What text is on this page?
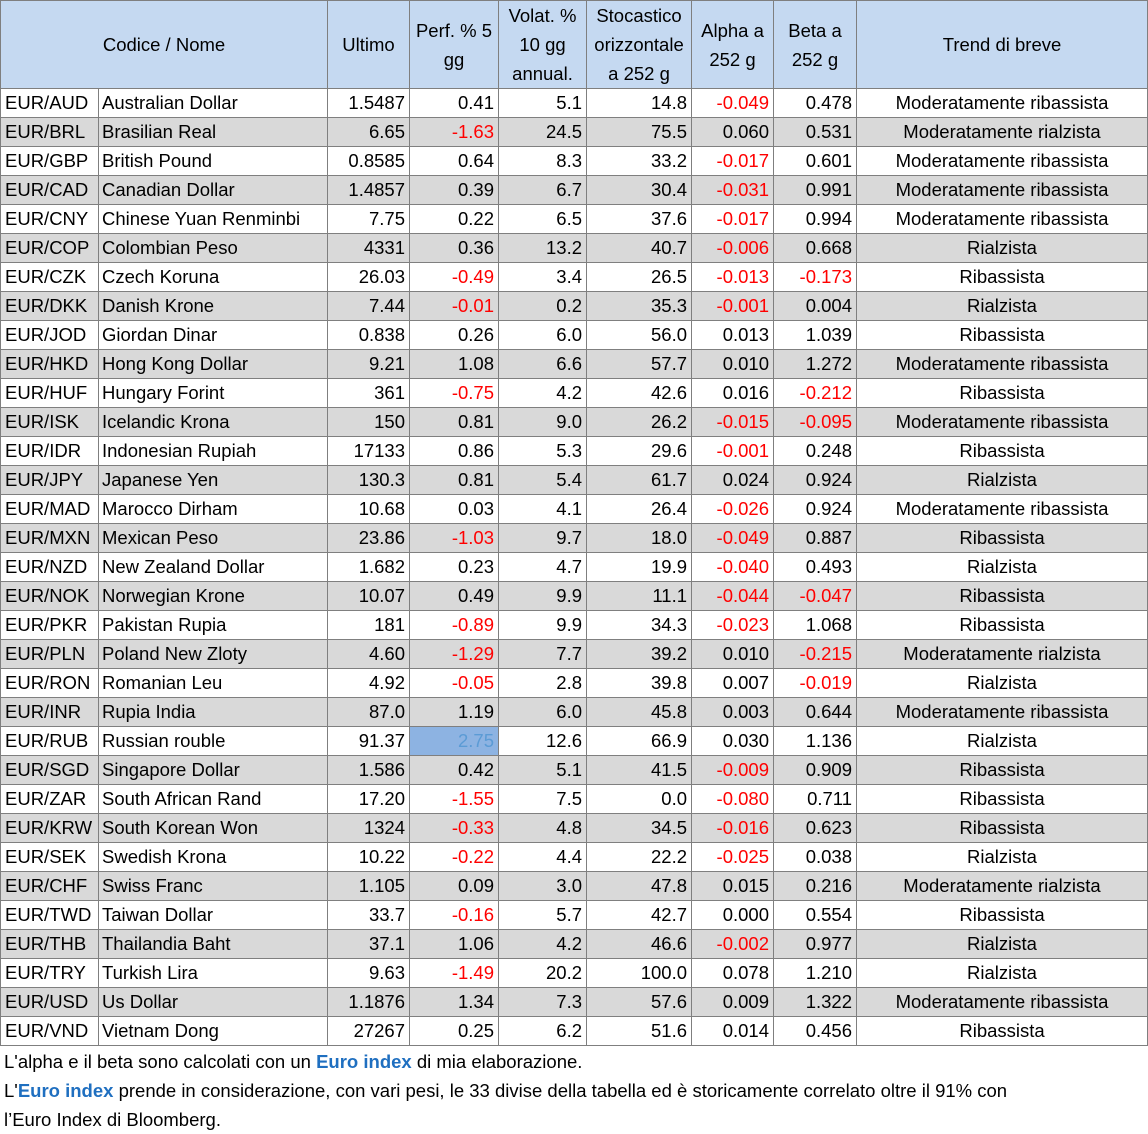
Codice / Nome		Ultimo	Perf. % 5 gg	Volat. % 10 gg annual.	Stocastico orizzontale a 252 g	Alpha a 252 g	Beta a 252 g	Trend di breve
EUR/AUD	Australian Dollar	1.5487	0.41	5.1	14.8	-0.049	0.478	Moderatamente ribassista
EUR/BRL	Brasilian Real	6.65	-1.63	24.5	75.5	0.060	0.531	Moderatamente rialzista
EUR/GBP	British Pound	0.8585	0.64	8.3	33.2	-0.017	0.601	Moderatamente ribassista
EUR/CAD	Canadian Dollar	1.4857	0.39	6.7	30.4	-0.031	0.991	Moderatamente ribassista
EUR/CNY	Chinese Yuan Renminbi	7.75	0.22	6.5	37.6	-0.017	0.994	Moderatamente ribassista
EUR/COP	Colombian Peso	4331	0.36	13.2	40.7	-0.006	0.668	Rialzista
EUR/CZK	Czech Koruna	26.03	-0.49	3.4	26.5	-0.013	-0.173	Ribassista
EUR/DKK	Danish Krone	7.44	-0.01	0.2	35.3	-0.001	0.004	Rialzista
EUR/JOD	Giordan Dinar	0.838	0.26	6.0	56.0	0.013	1.039	Ribassista
EUR/HKD	Hong Kong Dollar	9.21	1.08	6.6	57.7	0.010	1.272	Moderatamente ribassista
EUR/HUF	Hungary Forint	361	-0.75	4.2	42.6	0.016	-0.212	Ribassista
EUR/ISK	Icelandic Krona	150	0.81	9.0	26.2	-0.015	-0.095	Moderatamente ribassista
EUR/IDR	Indonesian Rupiah	17133	0.86	5.3	29.6	-0.001	0.248	Ribassista
EUR/JPY	Japanese Yen	130.3	0.81	5.4	61.7	0.024	0.924	Rialzista
EUR/MAD	Marocco Dirham	10.68	0.03	4.1	26.4	-0.026	0.924	Moderatamente ribassista
EUR/MXN	Mexican Peso	23.86	-1.03	9.7	18.0	-0.049	0.887	Ribassista
EUR/NZD	New Zealand Dollar	1.682	0.23	4.7	19.9	-0.040	0.493	Rialzista
EUR/NOK	Norwegian Krone	10.07	0.49	9.9	11.1	-0.044	-0.047	Ribassista
EUR/PKR	Pakistan Rupia	181	-0.89	9.9	34.3	-0.023	1.068	Ribassista
EUR/PLN	Poland New Zloty	4.60	-1.29	7.7	39.2	0.010	-0.215	Moderatamente rialzista
EUR/RON	Romanian Leu	4.92	-0.05	2.8	39.8	0.007	-0.019	Rialzista
EUR/INR	Rupia India	87.0	1.19	6.0	45.8	0.003	0.644	Moderatamente ribassista
EUR/RUB	Russian rouble	91.37	2.75	12.6	66.9	0.030	1.136	Rialzista
EUR/SGD	Singapore Dollar	1.586	0.42	5.1	41.5	-0.009	0.909	Ribassista
EUR/ZAR	South African Rand	17.20	-1.55	7.5	0.0	-0.080	0.711	Ribassista
EUR/KRW	South Korean Won	1324	-0.33	4.8	34.5	-0.016	0.623	Ribassista
EUR/SEK	Swedish Krona	10.22	-0.22	4.4	22.2	-0.025	0.038	Rialzista
EUR/CHF	Swiss Franc	1.105	0.09	3.0	47.8	0.015	0.216	Moderatamente rialzista
EUR/TWD	Taiwan Dollar	33.7	-0.16	5.7	42.7	0.000	0.554	Ribassista
EUR/THB	Thailandia Baht	37.1	1.06	4.2	46.6	-0.002	0.977	Rialzista
EUR/TRY	Turkish Lira	9.63	-1.49	20.2	100.0	0.078	1.210	Rialzista
EUR/USD	Us Dollar	1.1876	1.34	7.3	57.6	0.009	1.322	Moderatamente ribassista
EUR/VND	Vietnam Dong	27267	0.25	6.2	51.6	0.014	0.456	Ribassista
L'alpha e il beta sono calcolati con un Euro index di mia elaborazione.
L'Euro index prende in considerazione, con vari pesi, le 33 divise della tabella ed è storicamente correlato oltre il 91% con
l’Euro Index di Bloomberg.
